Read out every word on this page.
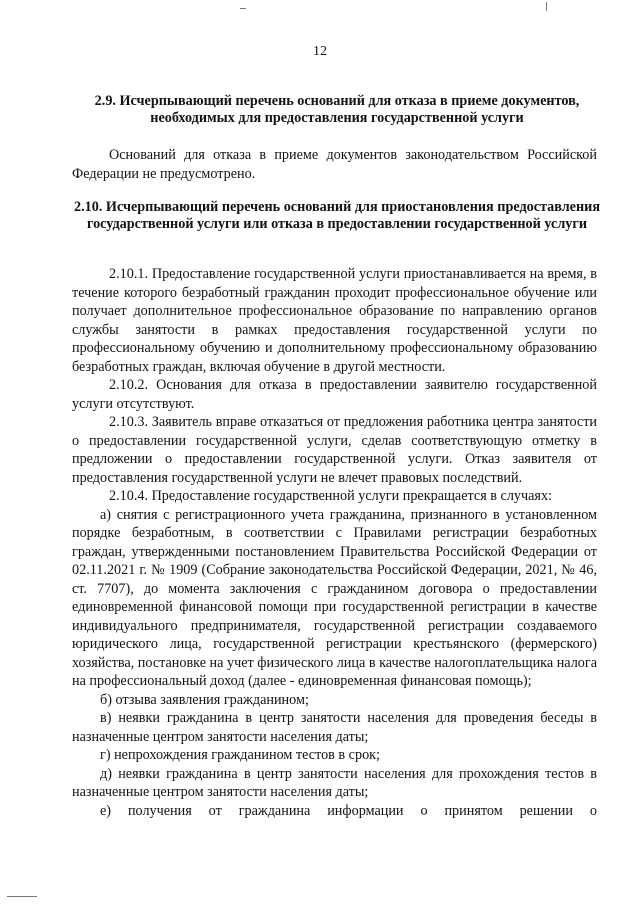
12
2.9. Исчерпывающий перечень оснований для отказа в приеме документов, необходимых для предоставления государственной услуги

Оснований для отказа в приеме документов законодательством Российской Федерации не предусмотрено.

2.10. Исчерпывающий перечень оснований для приостановления предоставления государственной услуги или отказа в предоставлении государственной услуги

2.10.1. Предоставление государственной услуги приостанавливается на время, в течение которого безработный гражданин проходит профессиональное обучение или получает дополнительное профессиональное образование по направлению органов службы занятости в рамках предоставления государственной услуги по профессиональному обучению и дополнительному профессиональному образованию безработных граждан, включая обучение в другой местности.

2.10.2. Основания для отказа в предоставлении заявителю государственной услуги отсутствуют.

2.10.3. Заявитель вправе отказаться от предложения работника центра занятости о предоставлении государственной услуги, сделав соответствующую отметку в предложении о предоставлении государственной услуги. Отказ заявителя от предоставления государственной услуги не влечет правовых последствий.

2.10.4. Предоставление государственной услуги прекращается в случаях:

а) снятия с регистрационного учета гражданина, признанного в установленном порядке безработным, в соответствии с Правилами регистрации безработных граждан, утвержденными постановлением Правительства Российской Федерации от 02.11.2021 г. № 1909 (Собрание законодательства Российской Федерации, 2021, № 46, ст. 7707), до момента заключения с гражданином договора о предоставлении единовременной финансовой помощи при государственной регистрации в качестве индивидуального предпринимателя, государственной регистрации создаваемого юридического лица, государственной регистрации крестьянского (фермерского) хозяйства, постановке на учет физического лица в качестве налогоплательщика налога на профессиональный доход (далее - единовременная финансовая помощь);

б) отзыва заявления гражданином;

в) неявки гражданина в центр занятости населения для проведения беседы в назначенные центром занятости населения даты;

г) непрохождения гражданином тестов в срок;

д) неявки гражданина в центр занятости населения для прохождения тестов в назначенные центром занятости населения даты;

е) получения от гражданина информации о принятом решении о
